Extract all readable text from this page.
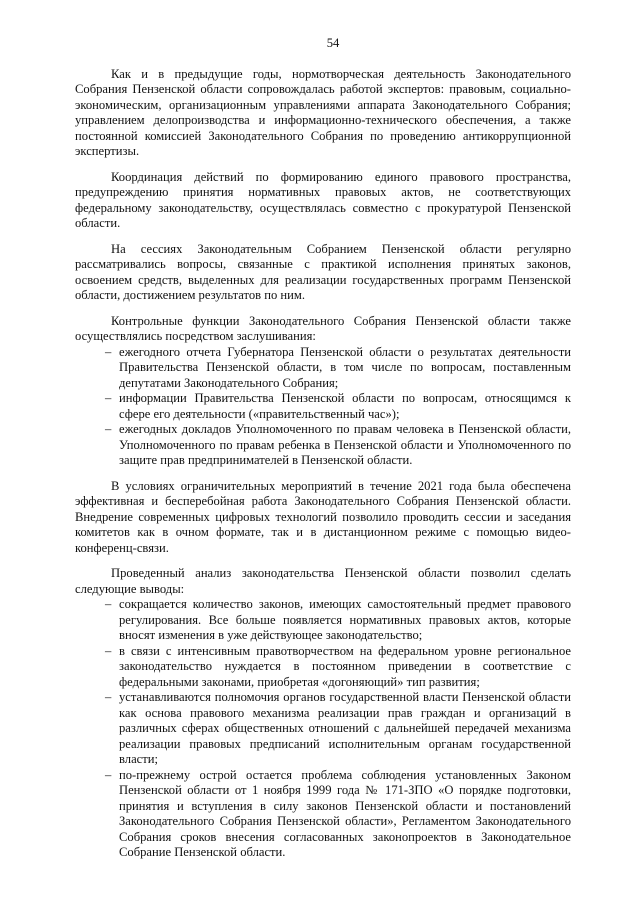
54

Как и в предыдущие годы, нормотворческая деятельность Законодательного Собрания Пензенской области сопровождалась работой экспертов: правовым, социально-экономическим, организационным управлениями аппарата Законодательного Собрания; управлением делопроизводства и информационно-технического обеспечения, а также постоянной комиссией Законодательного Собрания по проведению антикоррупционной экспертизы.

Координация действий по формированию единого правового пространства, предупреждению принятия нормативных правовых актов, не соответствующих федеральному законодательству, осуществлялась совместно с прокуратурой Пензенской области.

На сессиях Законодательным Собранием Пензенской области регулярно рассматривались вопросы, связанные с практикой исполнения принятых законов, освоением средств, выделенных для реализации государственных программ Пензенской области, достижением результатов по ним.

Контрольные функции Законодательного Собрания Пензенской области также осуществлялись посредством заслушивания:

– ежегодного отчета Губернатора Пензенской области о результатах деятельности Правительства Пензенской области, в том числе по вопросам, поставленным депутатами Законодательного Собрания;
– информации Правительства Пензенской области по вопросам, относящимся к сфере его деятельности («правительственный час»);
– ежегодных докладов Уполномоченного по правам человека в Пензенской области, Уполномоченного по правам ребенка в Пензенской области и Уполномоченного по защите прав предпринимателей в Пензенской области.

В условиях ограничительных мероприятий в течение 2021 года была обеспечена эффективная и бесперебойная работа Законодательного Собрания Пензенской области. Внедрение современных цифровых технологий позволило проводить сессии и заседания комитетов как в очном формате, так и в дистанционном режиме с помощью видео-конференц-связи.

Проведенный анализ законодательства Пензенской области позволил сделать следующие выводы:

– сокращается количество законов, имеющих самостоятельный предмет правового регулирования. Все больше появляется нормативных правовых актов, которые вносят изменения в уже действующее законодательство;
– в связи с интенсивным правотворчеством на федеральном уровне региональное законодательство нуждается в постоянном приведении в соответствие с федеральными законами, приобретая «догоняющий» тип развития;
– устанавливаются полномочия органов государственной власти Пензенской области как основа правового механизма реализации прав граждан и организаций в различных сферах общественных отношений с дальнейшей передачей механизма реализации правовых предписаний исполнительным органам государственной власти;
– по-прежнему острой остается проблема соблюдения установленных Законом Пензенской области от 1 ноября 1999 года № 171-ЗПО «О порядке подготовки, принятия и вступления в силу законов Пензенской области и постановлений Законодательного Собрания Пензенской области», Регламентом Законодательного Собрания сроков внесения согласованных законопроектов в Законодательное Собрание Пензенской области.
